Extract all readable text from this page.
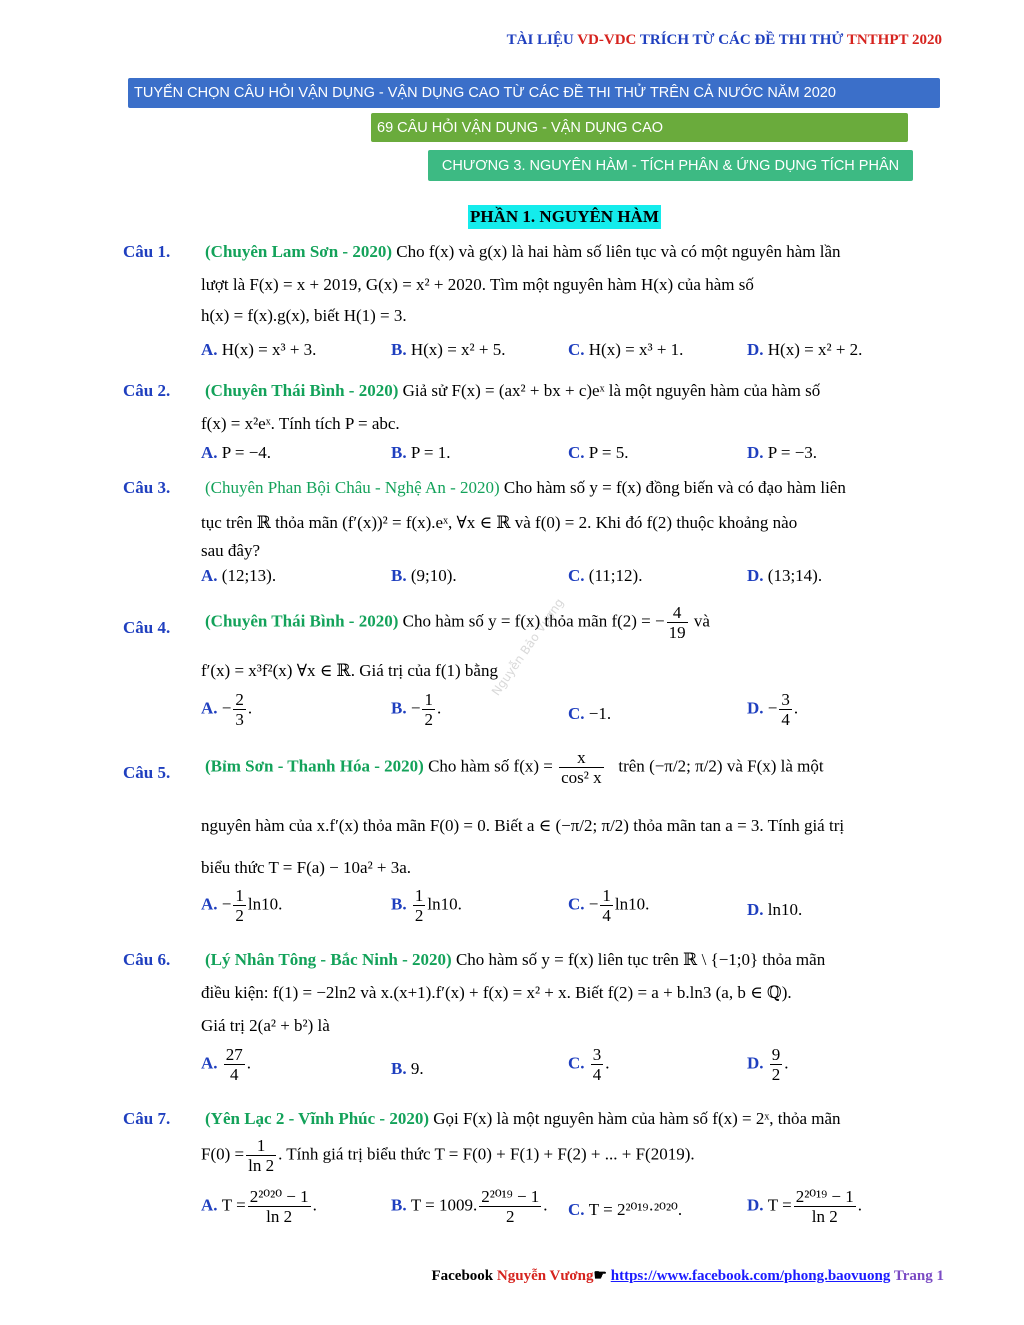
TÀI LIỆU VD-VDC TRÍCH TỪ CÁC ĐỀ THI THỬ TNTHPT 2020
TUYỂN CHỌN CÂU HỎI VẬN DỤNG - VẬN DỤNG CAO TỪ CÁC ĐỀ THI THỬ TRÊN CẢ NƯỚC NĂM 2020
69 CÂU HỎI VẬN DỤNG - VẬN DỤNG CAO
CHƯƠNG 3. NGUYÊN HÀM - TÍCH PHÂN & ỨNG DỤNG TÍCH PHÂN
PHẦN 1. NGUYÊN HÀM
Nguyễn Bảo Vương
Câu 1. (Chuyên Lam Sơn - 2020) Cho f(x) và g(x) là hai hàm số liên tục và có một nguyên hàm lần
lượt là F(x) = x + 2019, G(x) = x² + 2020. Tìm một nguyên hàm H(x) của hàm số
h(x) = f(x).g(x), biết H(1) = 3.
A. H(x) = x³ + 3.	B. H(x) = x² + 5.	C. H(x) = x³ + 1.	D. H(x) = x² + 2.
Câu 2. (Chuyên Thái Bình - 2020) Giả sử F(x) = (ax² + bx + c)eˣ là một nguyên hàm của hàm số
f(x) = x²eˣ. Tính tích P = abc.
A. P = −4.	B. P = 1.	C. P = 5.	D. P = −3.
Câu 3. (Chuyên Phan Bội Châu - Nghệ An - 2020) Cho hàm số y = f(x) đồng biến và có đạo hàm liên
tục trên ℝ thỏa mãn (f′(x))² = f(x).eˣ, ∀x ∈ ℝ và f(0) = 2. Khi đó f(2) thuộc khoảng nào
sau đây?
A. (12;13).	B. (9;10).	C. (11;12).	D. (13;14).
Câu 4. (Chuyên Thái Bình - 2020) Cho hàm số y = f(x) thỏa mãn f(2) = − $\frac{4}{19}$ và
f′(x) = x³f²(x) ∀x ∈ ℝ. Giá trị của f(1) bằng
A. − $\frac{2}{3}$ .	B. − $\frac{1}{2}$ .	C. −1.	D. − $\frac{3}{4}$ .
Câu 5. (Bỉm Sơn - Thanh Hóa - 2020) Cho hàm số $f(x) = \frac{x}{\text{cos² x}}$ trên (−π/2; π/2) và F(x) là một
nguyên hàm của x.f′(x) thỏa mãn F(0) = 0. Biết a ∈ (−π/2; π/2) thỏa mãn tan a = 3. Tính giá trị
biểu thức T = F(a) − 10a² + 3a.
A. − $\frac{1}{2} \ln 10$.	B. $\frac{1}{2} \ln 10$.	C. − $\frac{1}{4} \ln 10$.	D. ln10.
Câu 6. (Lý Nhân Tông - Bắc Ninh - 2020) Cho hàm số y = f(x) liên tục trên ℝ \ {−1;0} thỏa mãn
điều kiện: f(1) = −2ln2 và x.(x+1).f′(x) + f(x) = x² + x. Biết f(2) = a + b.ln3 (a, b ∈ ℚ).
Giá trị 2(a² + b²) là
A. $\frac{27}{4}$ .	B. 9.	C. $\frac{3}{4}$ .	D. $\frac{9}{2}$ .
Câu 7. (Yên Lạc 2 - Vĩnh Phúc - 2020) Gọi F(x) là một nguyên hàm của hàm số f(x) = 2ˣ, thỏa mãn
$F(0) = \frac{1}{\ln 2}$ . Tính giá trị biểu thức T = F(0) + F(1) + F(2) + ... + F(2019).
A. $T = \frac{\text{2²⁰²⁰ − 1}}{\ln 2}$ .	B. T = 1009. $\frac{\text{2²⁰¹⁹ − 1}}{2}$ . C. T = 2²⁰¹⁹·²⁰²⁰.	D. $T = \frac{\text{2²⁰¹⁹ − 1}}{\ln 2}$ .
Facebook Nguyễn Vương☛ https://www.facebook.com/phong.baovuong Trang 1
